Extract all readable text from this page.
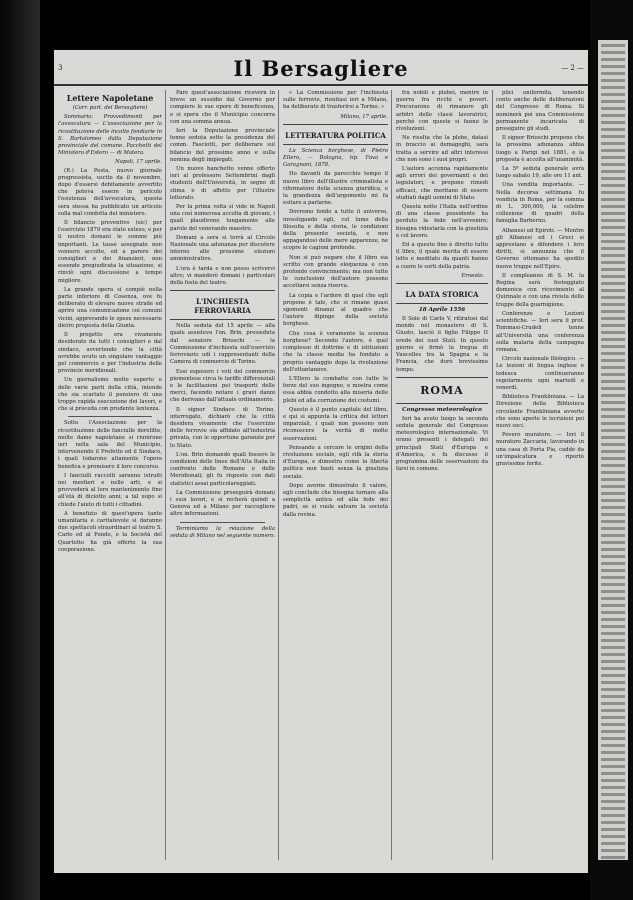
3	Il Bersagliere	— 2 —
Lettere Napoletane
(Corr. part. del Bersagliere)

Sommario: Provvedimenti per l'avvocatura — L'associazione per la ricostituzione delle incolte fondiarie in S. Bartolomeo dalla Deputazione provinciale del comune. Pacchetti del Ministero d'Estero — di Matera.

Napoli, 17 aprile.

(R.) La Posta, nuovo giornale progressista, uscito da il novembre, dopo d'essersi debitamente avvertito che poteva essere in pericolo l'esistenza dell'avvocatura, questa sera stessa ha pubblicato un articolo sulla mal condotta del ministero.

Il bilancio preventivo (sic) per l'esercizio 1879 era stato esteso, e per il nostro domani le somme più importanti. Le tasse assegnate non vennero accolte, ed a parere dei consiglieri e dei finanzieri, non essendo pregiudicata la situazione, si rinviò ogni discussione a tempo migliore.

La grande opera si compiè nella parte inferiore di Cosenza, ove fu deliberato di elevare nuove strade ed aprire una comunicazione coi comuni vicini, approvando le spese necessarie dietro proposta della Giunta.

Il progetto era vivamente desiderato da tutti i consiglieri e dal sindaco, avvertendo che la città avrebbe avuto un singolare vantaggio pel commercio e per l'industria delle provincie meridionali.

Un giornalismo molto esperto e delle varie parti della città, intende che sia scartato il pensiero di una troppo rapida esecuzione dei lavori, e che si proceda con prudente lentezza.

Sotto l'Associazione per la ricostituzione delle fanciulle derelitte, molte dame napoletane si riunirono ieri nella sala del Municipio, intervenendo il Prefetto ed il Sindaco, i quali lodarono altamente l'opera benefica e promisero il loro concorso.

I fanciulli raccolti saranno istruiti nei mestieri e nelle arti, e si provvederà al loro mantenimento fino all'età di diciotto anni; a tal uopo si chiede l'aiuto di tutti i cittadini.

A benefizio di quest'opera tanto umanitaria e caritatevole si daranno due spettacoli straordinari al teatro S. Carlo ed al Fondo, e la Società del Quartetto ha già offerto la sua cooperazione.

Pare quest'associazione riceverà in breve un sussidio dal Governo per compiere le sue opere di beneficenza, e si spera che il Municipio concorra con una somma annua.

Ieri la Deputazione provinciale tenne seduta sotto la presidenza del comm. Fasciotti, per deliberare sul bilancio del prossimo anno e sulla nomina degli impiegati.

Un nuovo banchetto venne offerto ieri al professore Settembrini dagli studenti dell'Università, in segno di stima e di affetto per l'illustre letterato.

Per la prima volta si vide in Napoli una così numerosa accolta di giovani, i quali plaudirono lungamente alle parole del venerando maestro.

Domani a sera si terrà al Circolo Nazionale una adunanza per discutere intorno alle prossime elezioni amministrative.

L'ora è tarda e non posso scrivervi altro; vi manderò domani i particolari della festa del teatro.

L'INCHIESTA FERROVIARIA

Nella seduta del 15 aprile — alla quale assisteva l'on. Brin, presieduta dal senatore Brioschi — la Commissione d'inchiesta sull'esercizio ferroviario udì i rappresentanti della Camera di commercio di Torino.

Essi esposero i voti del commercio piemontese circa le tariffe differenziali e le facilitazioni pei trasporti delle merci, facendo notare i gravi danni che derivano dall'attuale ordinamento.

Il signor Sindaco di Torino, interrogato, dichiarò che la città desidera vivamente che l'esercizio delle ferrovie sia affidato all'industria privata, con le opportune garanzie per lo Stato.

L'on. Brin domandò quali fossero le condizioni delle linee dell'Alta Italia in confronto delle Romane e delle Meridionali; gli fu risposto con dati statistici assai particolareggiati.

La Commissione proseguirà domani i suoi lavori, e si recherà quindi a Genova ed a Milano per raccogliere altre informazioni.

Terminiamo la relazione della seduta di Milano nel seguente numero.

« La Commissione per l'inchiesta sulle ferrovie, riunitasi ieri a Milano, ha deliberato di trasferirsi a Torino. »

Milano, 17 aprile.
LETTERATURA POLITICA

La Scienza borghese, di Pietro Ellero, — Bologna, tip. Fava e Garagnani, 1878.

Ho davanti da parecchio tempo il nuovo libro dell'illustre criminalista e riformatore della scienza giuridica, e la grandezza dell'argomento mi fa esitare a parlarne.

Dovremo fondo a tutto il universo, investigando egli, col lume della filosofia e della storia, le condizioni della presente società, e non appagandosi delle mere apparenze, ne scopre le cagioni profonde.

Non si può negare che il libro sia scritto con grande eloquenza e con profondo convincimento; ma non tutte le conclusioni dell'autore possono accettarsi senza riserva.

La copia e l'ardore di quel che egli propone è tale, che si rimane quasi sgomenti dinanzi al quadro che l'autore dipinge della società borghese.

Che cosa è veramente la scienza borghese? Secondo l'autore, è quel complesso di dottrine e di istituzioni che la classe media ha fondato a proprio vantaggio dopo la rivoluzione dell'ottantanove.

L'Ellero la combatte con tutte le forze del suo ingegno, e mostra come essa abbia condotto alla miseria delle plebi ed alla corruzione dei costumi.

Questo è il punto capitale del libro, e qui si appunta la critica dei lettori imparziali, i quali non possono non riconoscere la verità di molte osservazioni.

Pensando a cercare le origini della rivoluzione sociale, egli rifà la storia d'Europa, e dimostra come la libertà politica non basti senza la giustizia sociale.

Dopo averne dimostrato il valore, egli conclude che bisogna tornare alla semplicità antica ed alla fede dei padri, se si vuole salvare la società dalla rovina.

fra nobili e plebei, mentre in guerra fra ricchi e poveri. Procurarono di rimanere gli arbitri delle classi lavoratrici, perché con queste si fanno le rivoluzioni.

Ne risulta che la plebe, datasi in braccio ai demagoghi, sarà tratta a servire ad altri interessi che non sono i suoi propri.

L'autore accenna rapidamente agli errori dei governanti e dei legislatori, e propone rimedi efficaci, che meritano di essere studiati dagli uomini di Stato.

Questa notte l'Italia nell'ordine di una classe possidente ha perduto la fede nell'avvenire; bisogna ridestarla con la giustizia e col lavoro.

Ed a questo fine è diretto tutto il libro, il quale merita di essere letto e meditato da quanti hanno a cuore le sorti della patria.

Ernesto.
LA DATA STORICA
18 Aprile 1556

Il Sole di Carlo V, ritiratosi dal mondo nel monastero di S. Giusto, lasciò il figlio Filippo II erede dei suoi Stati. In questo giorno si firmò la tregua di Vaucelles tra la Spagna e la Francia, che durò brevissimo tempo.

ROMA
Congresso meteorologico

Ieri ha avuto luogo la seconda seduta generale del Congresso meteorologico internazionale. Vi erano presenti i delegati dei principali Stati d'Europa e d'America, e fu discusso il programma delle osservazioni da farsi in comune.

plici uniformità, tenendo conto anche delle deliberazioni del Congresso di Roma. Si nominerà poi una Commissione permanente incaricata di proseguire gli studi.

Il signor Brioschi propone che la prossima adunanza abbia luogo a Parigi nel 1881, e la proposta è accolta all'unanimità.

La 5ª seduta generale avrà luogo sabato 19, alle ore 11 ant.

Una vendita importante. — Nella decorsa settimana fu venduta in Roma, per la somma di L. 300,000, la celebre collezione di quadri della famiglia Barberini.

Albanesi ed Epiroti. — Mentre gli Albanesi ed i Greci si apprestano a difendere i loro diritti, si annunzia che il Governo ottomano ha spedito nuove truppe nell'Epiro.

Il compleanno di S. M. la Regina sarà festeggiato domenica con ricevimento al Quirinale e con una rivista delle truppe della guarnigione.

Conferenze e Lezioni scientifiche. — Ieri sera il prof. Tommasi-Crudeli tenne all'Università una conferenza sulla malaria della campagna romana.

Circolo nazionale filologico. — Le lezioni di lingua inglese e tedesca continueranno regolarmente ogni martedì e venerdì.

Biblioteca Frankliniana. — La Direzione della Biblioteca circolante Frankliniana avverte che sono aperte le iscrizioni pei nuovi soci.

Povero muratore. — Ieri il muratore Zaccaria, lavorando in una casa di Porta Pia, cadde da un'impalcatura e riportò gravissime ferite.
